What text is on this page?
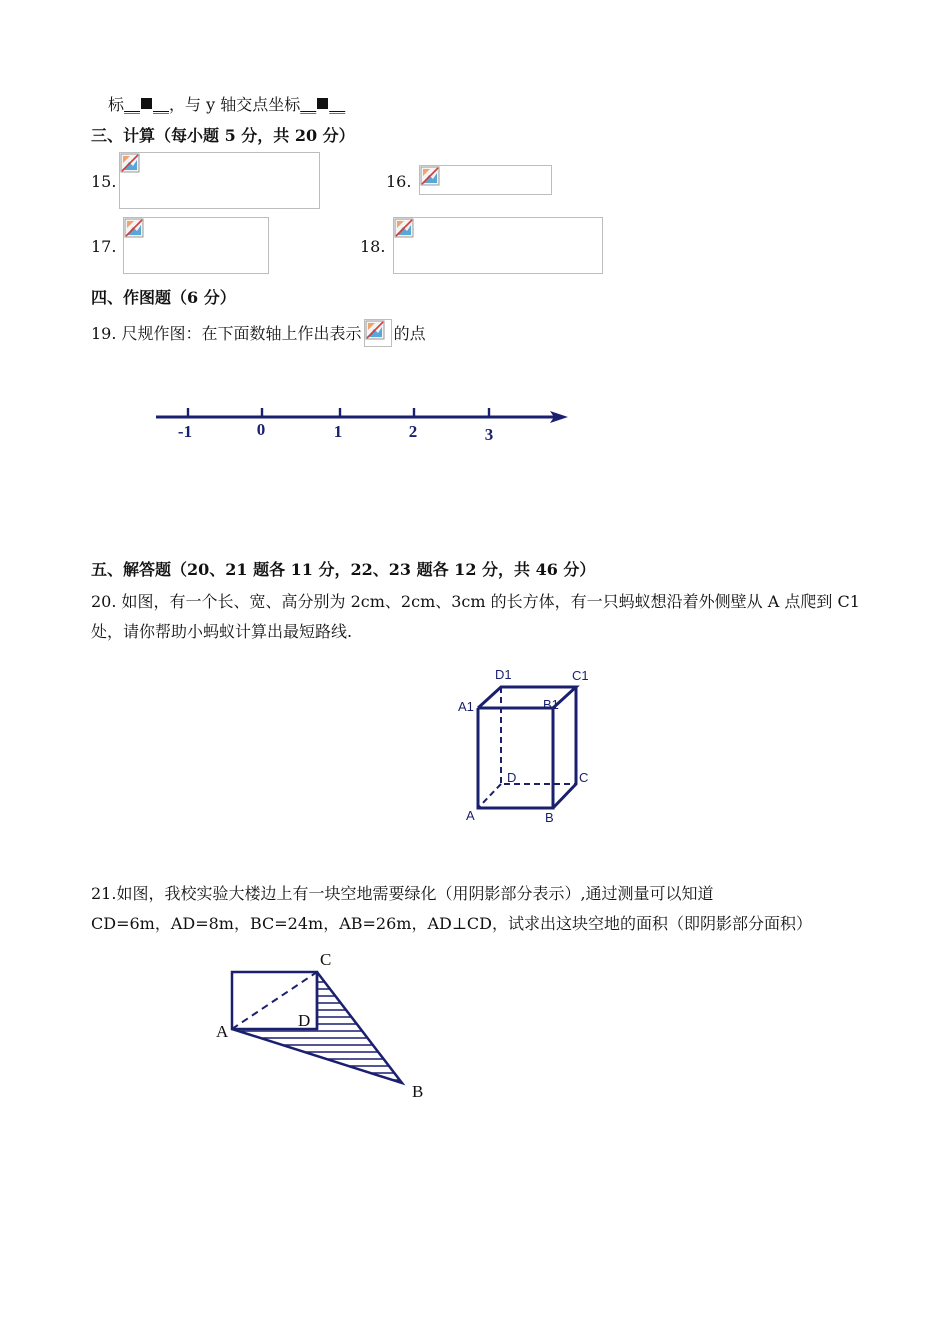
标__ __，与 y 轴交点坐标__ __
三、计算（每小题 5 分，共 20 分）
15.	16.
17.	18.
四、作图题（6 分）
19. 尺规作图：在下面数轴上作出表示 的点
-1	0	1	2	3
五、解答题（20、21 题各 11 分，22、23 题各 12 分，共 46 分）
20. 如图，有一个长、宽、高分别为 2cm、2cm、3cm 的长方体，有一只蚂蚁想沿着外侧壁从 A 点爬到 C1
处，请你帮助小蚂蚁计算出最短路线.
D1	C1
A1	B1
D	C
A	B
21.如图，我校实验大楼边上有一块空地需要绿化（用阴影部分表示）,通过测量可以知道
CD=6m，AD=8m，BC=24m，AB=26m，AD⊥CD，试求出这块空地的面积（即阴影部分面积）
C
A
D
B
